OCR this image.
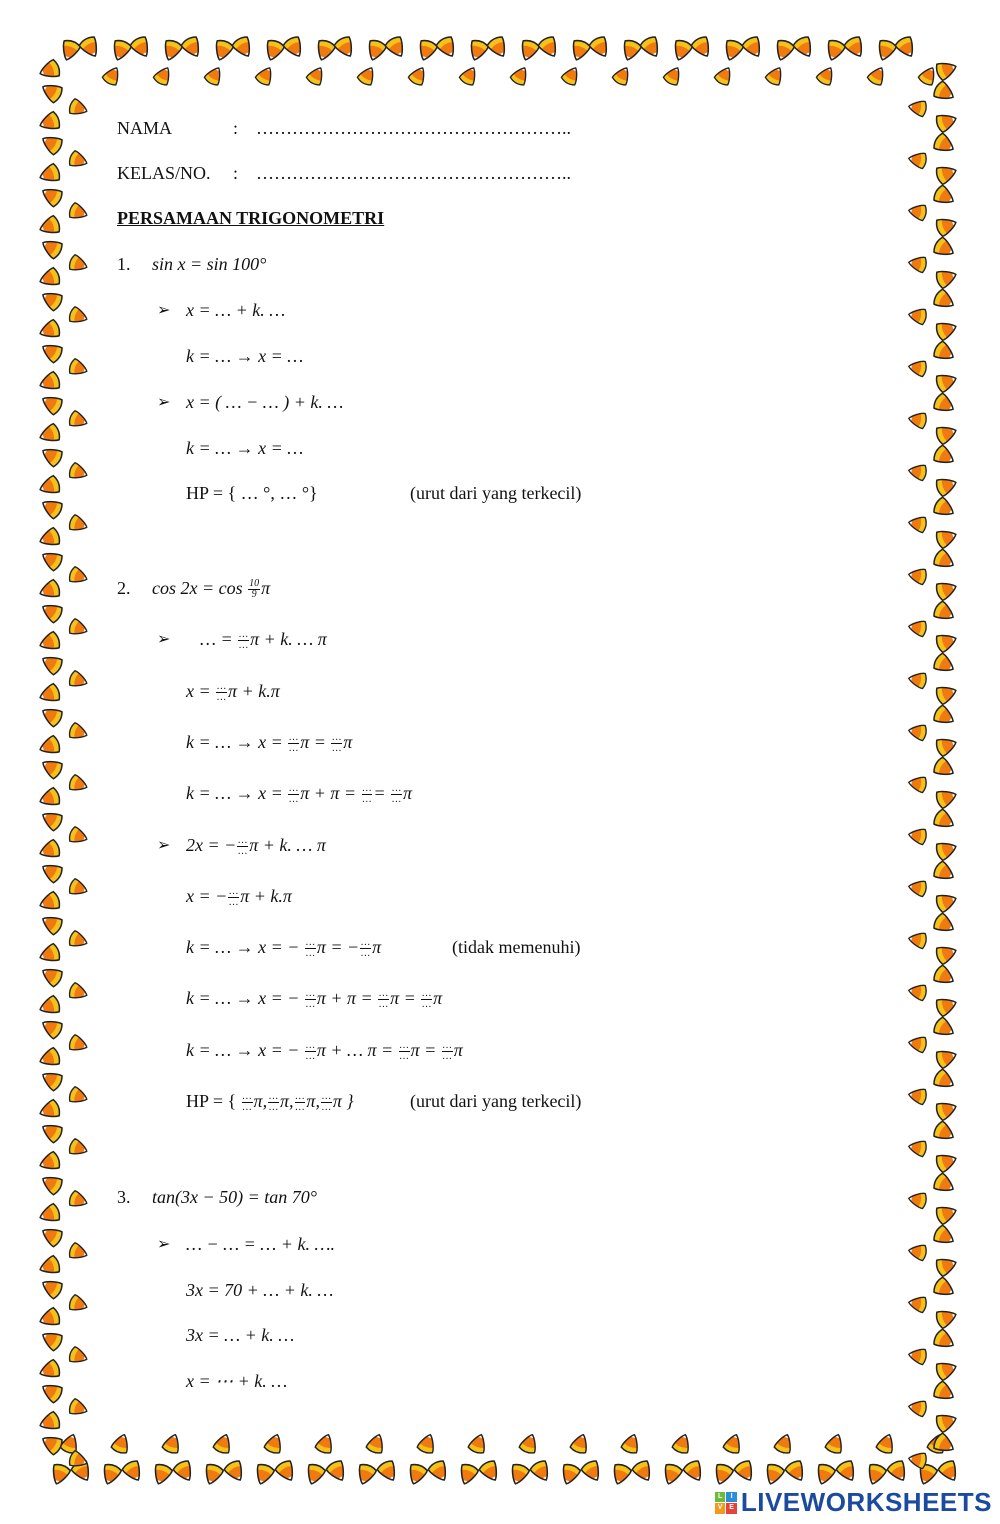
NAMA	: ……………………………………………..
KELAS/NO. : ……………………………………………..
PERSAMAAN TRIGONOMETRI
1. sin x = sin 100°
➢ x = … + k. …
k = … → x = …
➢ x = ( … − … ) + k. …
k = … → x = …
HP = { … °, … °}	(urut dari yang terkecil)
2. $\cos 2x = \cos \frac{10}{9}$ π
➢ … = $\frac{\dots}{\dots}$ π + k. … π
$x = \frac{\dots}{\dots}$ π + k.π
k = … → $x = \frac{\dots}{\dots}$ $\pi = \frac{\dots}{\dots}$ π
k = … → $x = \frac{\dots}{\dots}$ $\pi + \pi = \frac{\dots}{\dots} = \frac{\dots}{\dots}$ π
➢ 2x = − $\frac{\dots}{\dots}$ π + k. … π
x = − $\frac{\dots}{\dots}$ π + k.π
k = … → x = − $\frac{\dots}{\dots}$ π = − $\frac{\dots}{\dots}$ π	(tidak memenuhi)
k = … → x = − $\frac{\dots}{\dots}$ $\pi + \pi = \frac{\dots}{\dots}$ $\pi = \frac{\dots}{\dots}$ π
k = … → x = − $\frac{\dots}{\dots}$ π + … $\pi = \frac{\dots}{\dots}$ $\pi = \frac{\dots}{\dots}$ π
HP = { $\frac{\dots}{\dots} \pi$, $\frac{\dots}{\dots} \pi$, $\frac{\dots}{\dots} \pi$, $\frac{\dots}{\dots}$ π }	(urut dari yang terkecil)
3. tan(3x − 50) = tan 70°
➢ … − … = … + k. ….
3x = 70 + … + k. …
3x = … + k. …
x = ⋯ + k. …
L	I
V E LIVEWORKSHEETS
